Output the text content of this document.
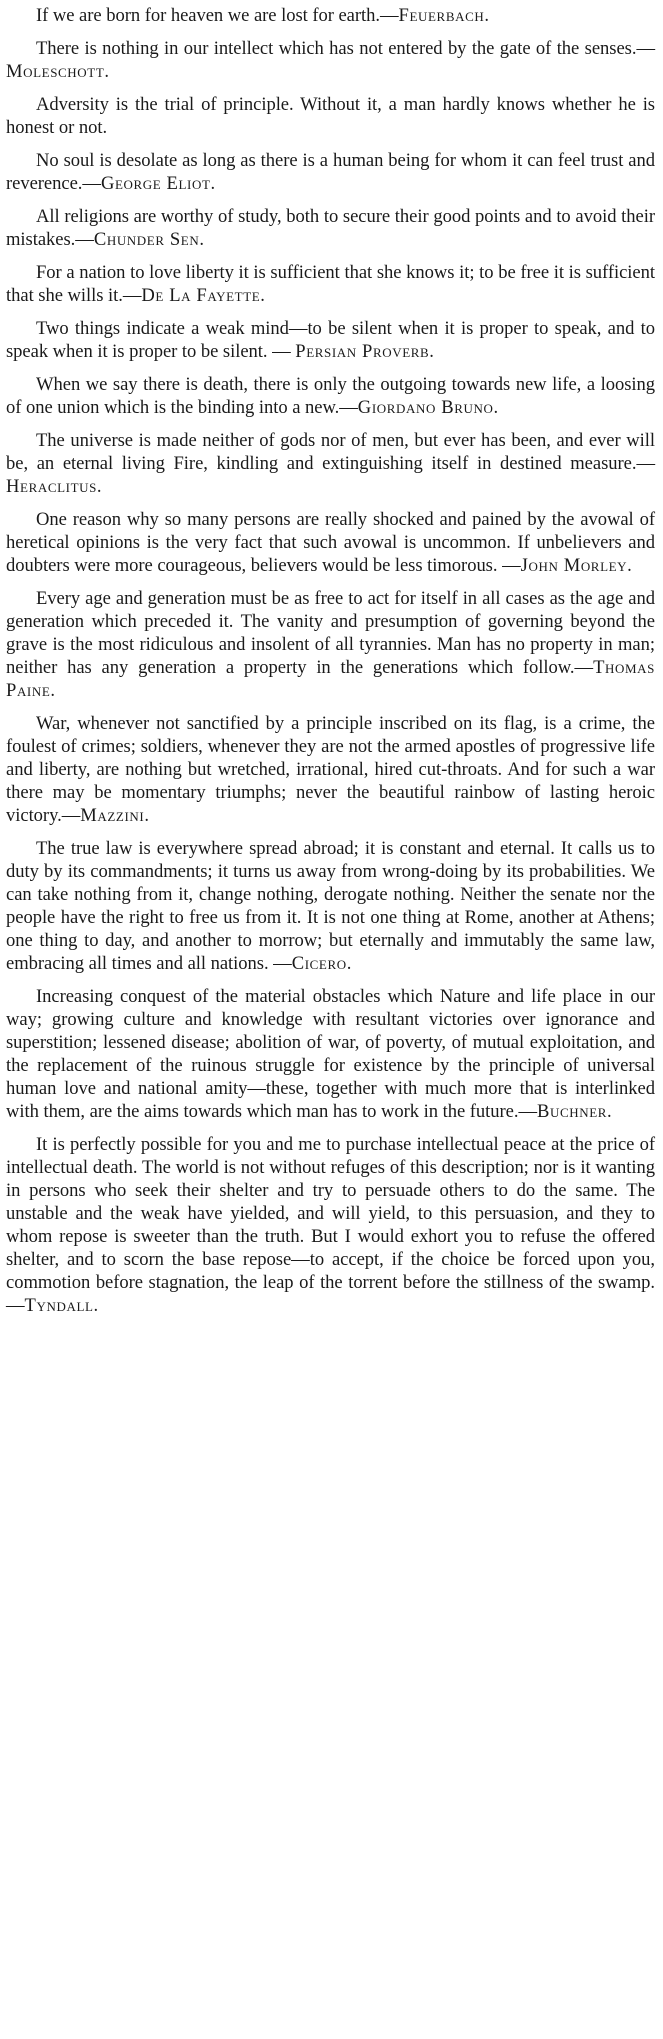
If we are born for heaven we are lost for earth.—Feuerbach.

There is nothing in our intellect which has not entered by the gate of the senses.—Moleschott.

Adversity is the trial of principle. Without it, a man hardly knows whether he is honest or not.

No soul is desolate as long as there is a human being for whom it can feel trust and reverence.—George Eliot.

All religions are worthy of study, both to secure their good points and to avoid their mistakes.—Chunder Sen.

For a nation to love liberty it is sufficient that she knows it; to be free it is sufficient that she wills it.—De La Fayette.

Two things indicate a weak mind—to be silent when it is proper to speak, and to speak when it is proper to be silent. — Persian Proverb.

When we say there is death, there is only the outgoing towards new life, a loosing of one union which is the binding into a new.—Giordano Bruno.

The universe is made neither of gods nor of men, but ever has been, and ever will be, an eternal living Fire, kindling and extinguishing itself in destined measure.—Heraclitus.

One reason why so many persons are really shocked and pained by the avowal of heretical opinions is the very fact that such avowal is uncommon. If unbelievers and doubters were more courageous, believers would be less timorous. —John Morley.

Every age and generation must be as free to act for itself in all cases as the age and generation which preceded it. The vanity and presumption of governing beyond the grave is the most ridiculous and insolent of all tyrannies. Man has no property in man; neither has any generation a property in the generations which follow.—Thomas Paine.

War, whenever not sanctified by a principle inscribed on its flag, is a crime, the foulest of crimes; soldiers, whenever they are not the armed apostles of progressive life and liberty, are nothing but wretched, irrational, hired cut-throats. And for such a war there may be momentary triumphs; never the beautiful rainbow of lasting heroic victory.—Mazzini.

The true law is everywhere spread abroad; it is constant and eternal. It calls us to duty by its commandments; it turns us away from wrong-doing by its probabilities. We can take nothing from it, change nothing, derogate nothing. Neither the senate nor the people have the right to free us from it. It is not one thing at Rome, another at Athens; one thing to day, and another to morrow; but eternally and immutably the same law, embracing all times and all nations. —Cicero.

Increasing conquest of the material obstacles which Nature and life place in our way; growing culture and knowledge with resultant victories over ignorance and superstition; lessened disease; abolition of war, of poverty, of mutual exploitation, and the replacement of the ruinous struggle for existence by the principle of universal human love and national amity—these, together with much more that is interlinked with them, are the aims towards which man has to work in the future.—Buchner.

It is perfectly possible for you and me to purchase intellectual peace at the price of intellectual death. The world is not without refuges of this description; nor is it wanting in persons who seek their shelter and try to persuade others to do the same. The unstable and the weak have yielded, and will yield, to this persuasion, and they to whom repose is sweeter than the truth. But I would exhort you to refuse the offered shelter, and to scorn the base repose—to accept, if the choice be forced upon you, commotion before stagnation, the leap of the torrent before the stillness of the swamp. —Tyndall.
